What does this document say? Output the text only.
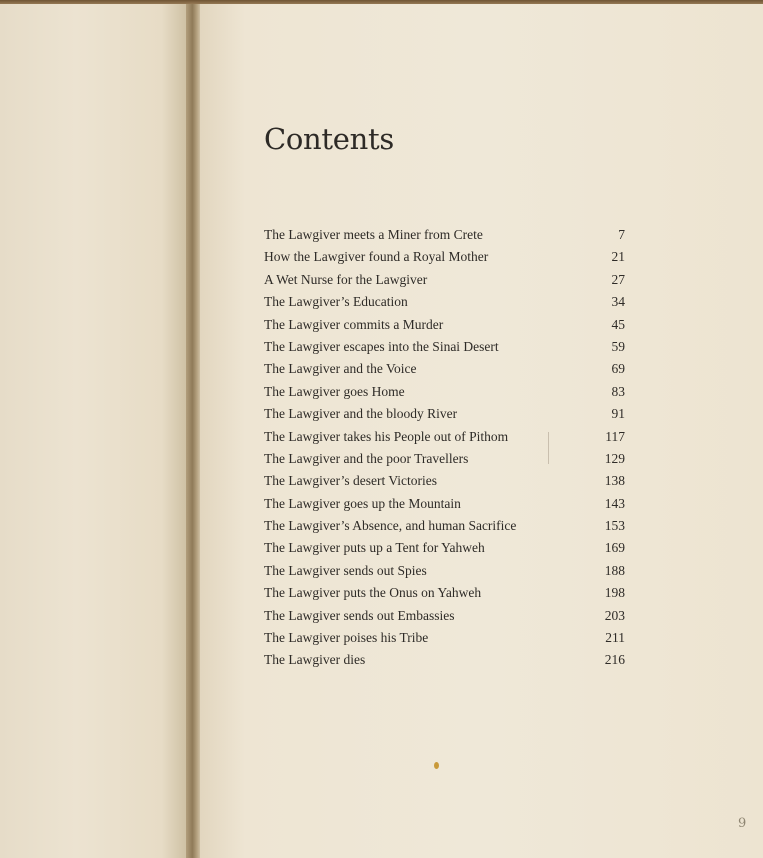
Contents
The Lawgiver meets a Miner from Crete	7
How the Lawgiver found a Royal Mother	21
A Wet Nurse for the Lawgiver	27
The Lawgiver’s Education	34
The Lawgiver commits a Murder	45
The Lawgiver escapes into the Sinai Desert	59
The Lawgiver and the Voice	69
The Lawgiver goes Home	83
The Lawgiver and the bloody River	91
The Lawgiver takes his People out of Pithom	117
The Lawgiver and the poor Travellers	129
The Lawgiver’s desert Victories	138
The Lawgiver goes up the Mountain	143
The Lawgiver’s Absence, and human Sacrifice	153
The Lawgiver puts up a Tent for Yahweh	169
The Lawgiver sends out Spies	188
The Lawgiver puts the Onus on Yahweh	198
The Lawgiver sends out Embassies	203
The Lawgiver poises his Tribe	211
The Lawgiver dies	216
9
